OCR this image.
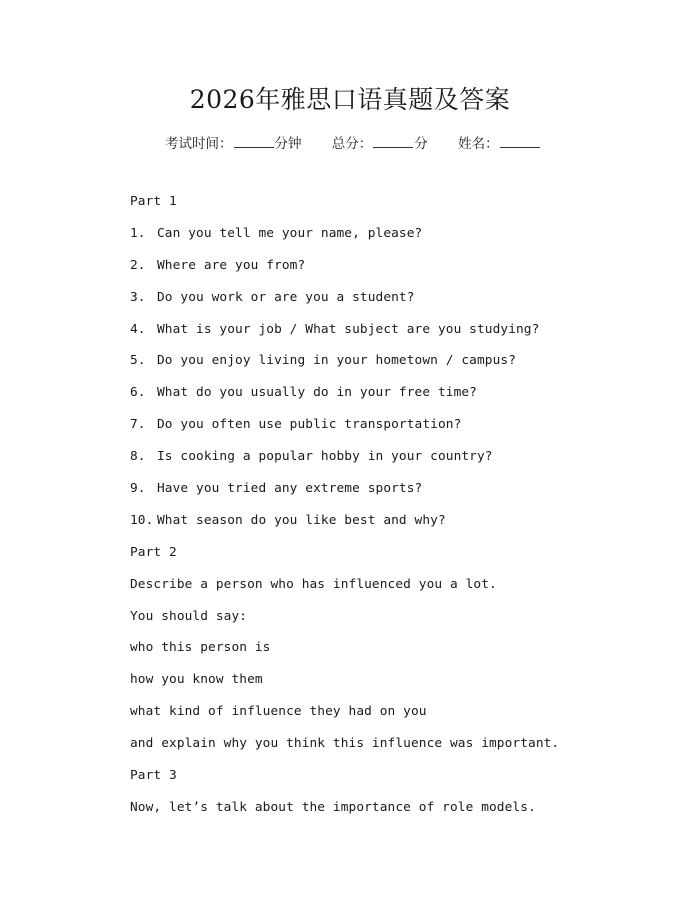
2026年雅思口语真题及答案
考试时间：	分钟 总分：	分 姓名：
Part 1
1. Can you tell me your name, please?
2. Where are you from?
3. Do you work or are you a student?
4. What is your job / What subject are you studying?
5. Do you enjoy living in your hometown / campus?
6. What do you usually do in your free time?
7. Do you often use public transportation?
8. Is cooking a popular hobby in your country?
9. Have you tried any extreme sports?
10. What season do you like best and why?
Part 2
Describe a person who has influenced you a lot.
You should say:
who this person is
how you know them
what kind of influence they had on you
and explain why you think this influence was important.
Part 3
Now, let’s talk about the importance of role models.
